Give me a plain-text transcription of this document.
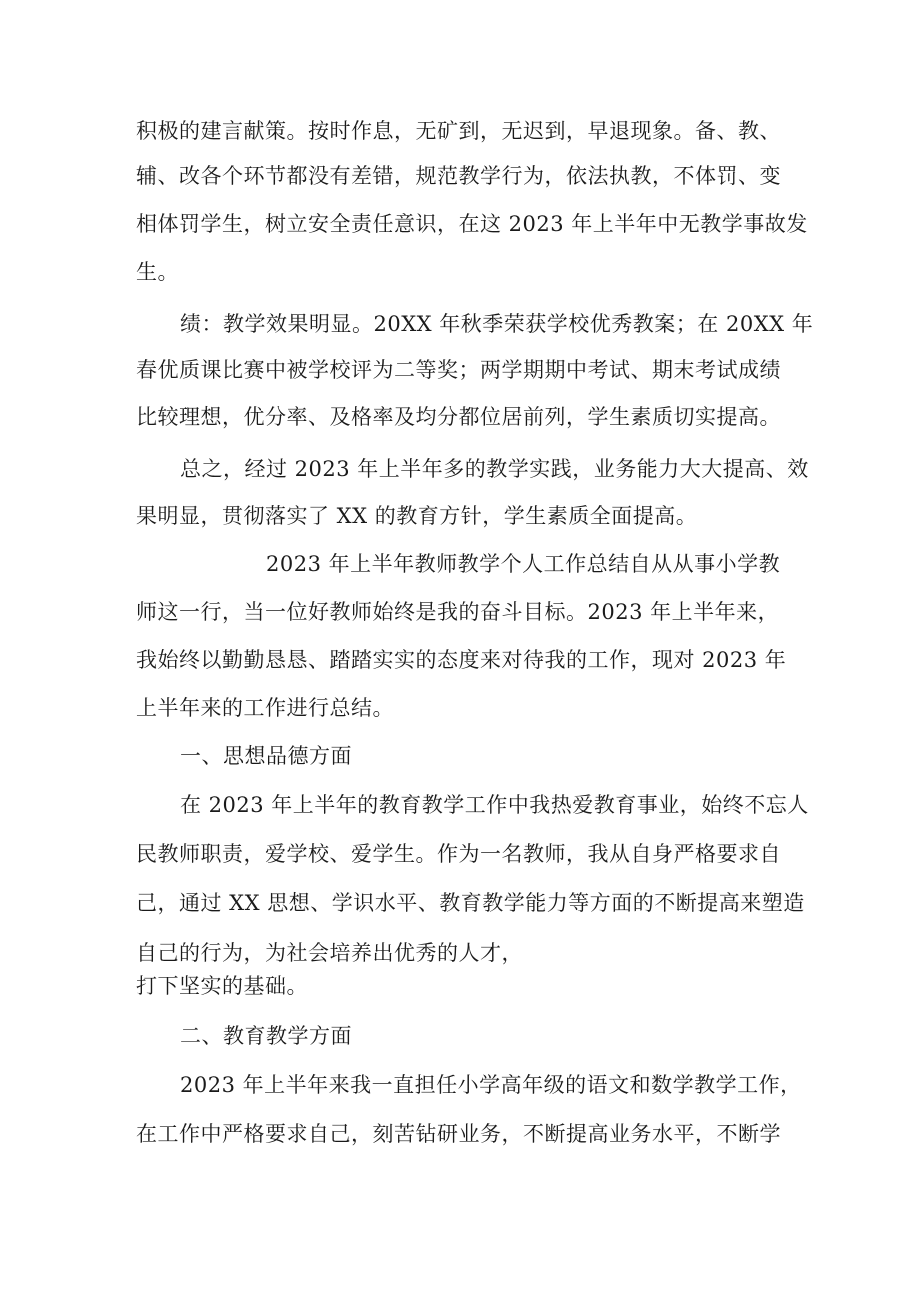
积极的建言献策。按时作息，无矿到，无迟到，早退现象。备、教、
辅、改各个环节都没有差错，规范教学行为，依法执教，不体罚、变
相体罚学生，树立安全责任意识，在这 2023 年上半年中无教学事故发
生。
绩：教学效果明显。20XX 年秋季荣获学校优秀教案；在 20XX 年
春优质课比赛中被学校评为二等奖；两学期期中考试、期末考试成绩
比较理想，优分率、及格率及均分都位居前列，学生素质切实提高。
总之，经过 2023 年上半年多的教学实践，业务能力大大提高、效
果明显，贯彻落实了 XX 的教育方针，学生素质全面提高。
2023 年上半年教师教学个人工作总结自从从事小学教
师这一行，当一位好教师始终是我的奋斗目标。2023 年上半年来，
我始终以勤勤恳恳、踏踏实实的态度来对待我的工作，现对 2023 年
上半年来的工作进行总结。
一、思想品德方面
在 2023 年上半年的教育教学工作中我热爱教育事业，始终不忘人
民教师职责，爱学校、爱学生。作为一名教师，我从自身严格要求自
己，通过 XX 思想、学识水平、教育教学能力等方面的不断提高来塑造
自己的行为，为社会培养出优秀的人才，
打下坚实的基础。
二、教育教学方面
2023 年上半年来我一直担任小学高年级的语文和数学教学工作，
在工作中严格要求自己，刻苦钻研业务，不断提高业务水平，不断学
